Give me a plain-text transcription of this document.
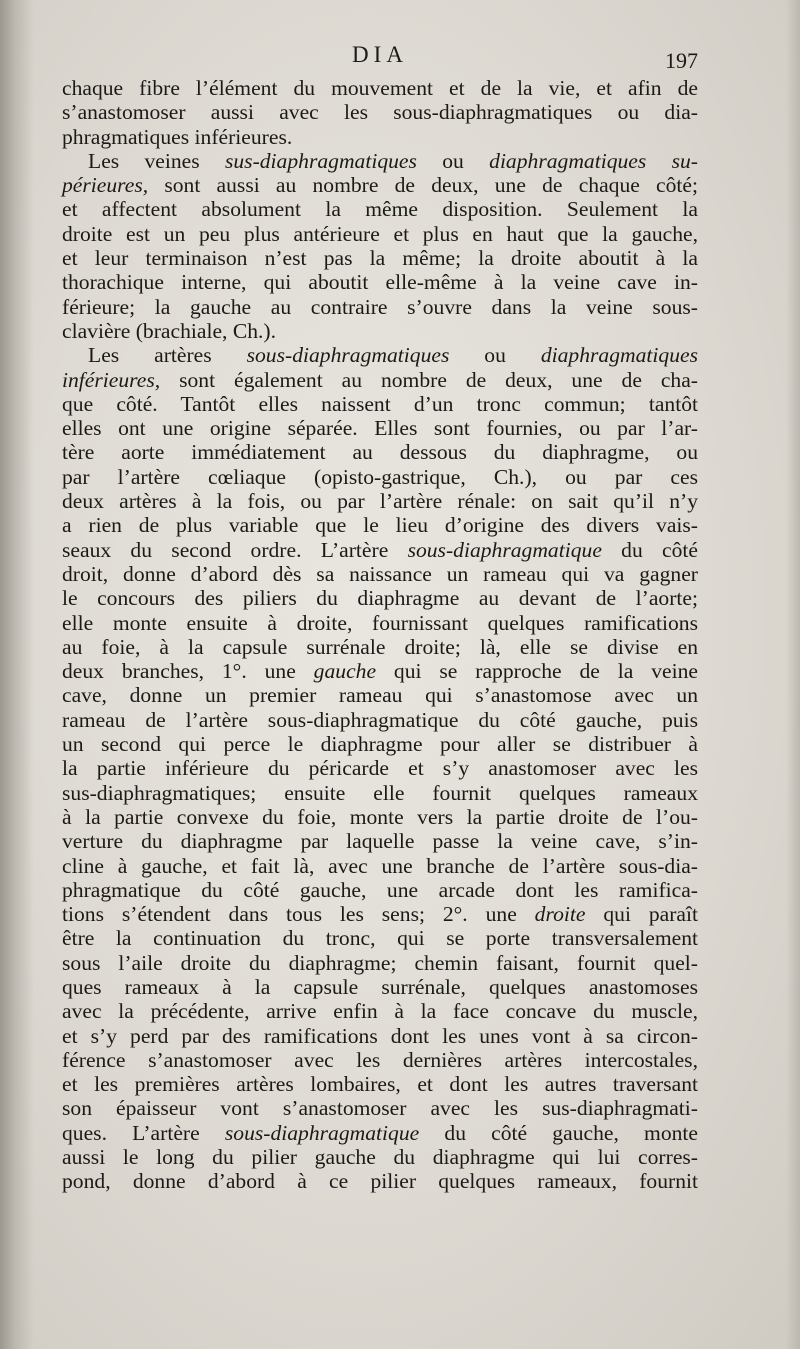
DIA	197
chaque fibre l’élément du mouvement et de la vie, et afin de
s’anastomoser aussi avec les sous-diaphragmatiques ou dia-
phragmatiques inférieures.
Les veines sus-diaphragmatiques ou diaphragmatiques su-
périeures, sont aussi au nombre de deux, une de chaque côté;
et affectent absolument la même disposition. Seulement la
droite est un peu plus antérieure et plus en haut que la gauche,
et leur terminaison n’est pas la même; la droite aboutit à la
thorachique interne, qui aboutit elle-même à la veine cave in-
férieure; la gauche au contraire s’ouvre dans la veine sous-
clavière (brachiale, Ch.).
Les artères sous-diaphragmatiques ou diaphragmatiques
inférieures, sont également au nombre de deux, une de cha-
que côté. Tantôt elles naissent d’un tronc commun; tantôt
elles ont une origine séparée. Elles sont fournies, ou par l’ar-
tère aorte immédiatement au dessous du diaphragme, ou
par l’artère cœliaque (opisto-gastrique, Ch.), ou par ces
deux artères à la fois, ou par l’artère rénale: on sait qu’il n’y
a rien de plus variable que le lieu d’origine des divers vais-
seaux du second ordre. L’artère sous-diaphragmatique du côté
droit, donne d’abord dès sa naissance un rameau qui va gagner
le concours des piliers du diaphragme au devant de l’aorte;
elle monte ensuite à droite, fournissant quelques ramifications
au foie, à la capsule surrénale droite; là, elle se divise en
deux branches, 1°. une gauche qui se rapproche de la veine
cave, donne un premier rameau qui s’anastomose avec un
rameau de l’artère sous-diaphragmatique du côté gauche, puis
un second qui perce le diaphragme pour aller se distribuer à
la partie inférieure du péricarde et s’y anastomoser avec les
sus-diaphragmatiques; ensuite elle fournit quelques rameaux
à la partie convexe du foie, monte vers la partie droite de l’ou-
verture du diaphragme par laquelle passe la veine cave, s’in-
cline à gauche, et fait là, avec une branche de l’artère sous-dia-
phragmatique du côté gauche, une arcade dont les ramifica-
tions s’étendent dans tous les sens; 2°. une droite qui paraît
être la continuation du tronc, qui se porte transversalement
sous l’aile droite du diaphragme; chemin faisant, fournit quel-
ques rameaux à la capsule surrénale, quelques anastomoses
avec la précédente, arrive enfin à la face concave du muscle,
et s’y perd par des ramifications dont les unes vont à sa circon-
férence s’anastomoser avec les dernières artères intercostales,
et les premières artères lombaires, et dont les autres traversant
son épaisseur vont s’anastomoser avec les sus-diaphragmati-
ques. L’artère sous-diaphragmatique du côté gauche, monte
aussi le long du pilier gauche du diaphragme qui lui corres-
pond, donne d’abord à ce pilier quelques rameaux, fournit
